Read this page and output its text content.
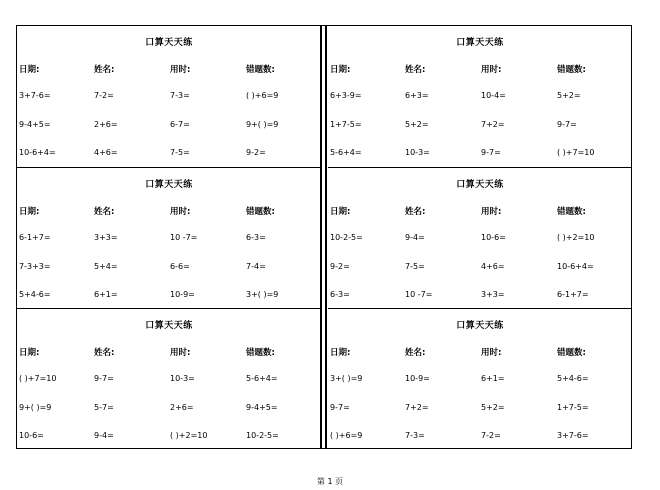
口算天天练
日期:	姓名:	用时:	错题数:
3+7-6=	7-2=	7-3=	( )+6=9
9-4+5=	2+6=	6-7=	9+( )=9
10-6+4=	4+6=	7-5=	9-2=
口算天天练
日期:	姓名:	用时:	错题数:
6-1+7=	3+3=	10 -7=	6-3=
7-3+3=	5+4=	6-6=	7-4=
5+4-6=	6+1=	10-9=	3+( )=9
口算天天练
日期:	姓名:	用时:	错题数:
( )+7=10	9-7=	10-3=	5-6+4=
9+( )=9	5-7=	2+6=	9-4+5=
10-6=	9-4=	( )+2=10	10-2-5=
口算天天练
日期:	姓名:	用时:	错题数:
6+3-9=	6+3=	10-4=	5+2=
1+7-5=	5+2=	7+2=	9-7=
5-6+4=	10-3=	9-7=	( )+7=10
口算天天练
日期:	姓名:	用时:	错题数:
10-2-5=	9-4=	10-6=	( )+2=10
9-2=	7-5=	4+6=	10-6+4=
6-3=	10 -7=	3+3=	6-1+7=
口算天天练
日期:	姓名:	用时:	错题数:
3+( )=9	10-9=	6+1=	5+4-6=
9-7=	7+2=	5+2=	1+7-5=
( )+6=9	7-3=	7-2=	3+7-6=
第 1 页
